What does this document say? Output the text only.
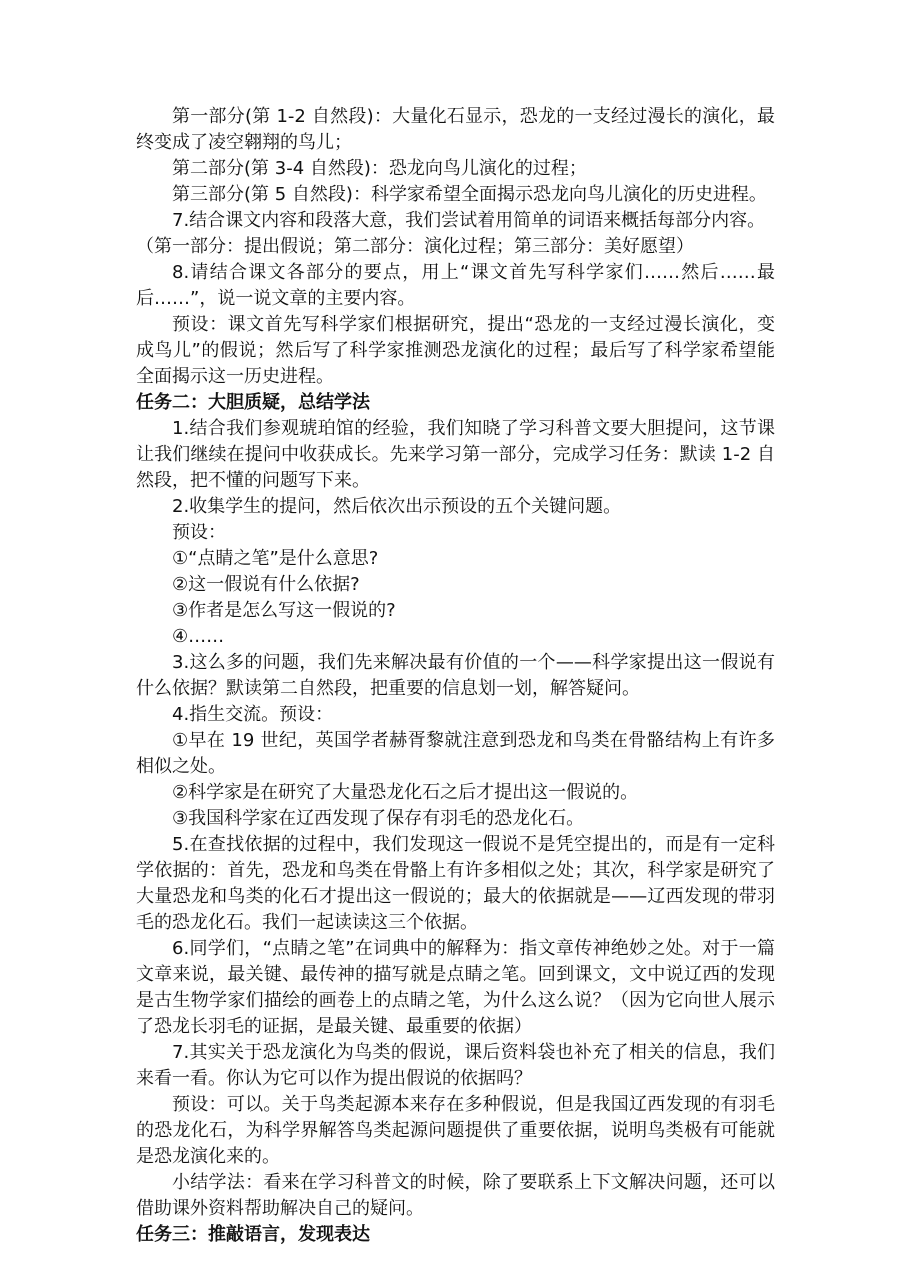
第一部分(第 1-2 自然段)：大量化石显示，恐龙的一支经过漫长的演化，最终变成了凌空翱翔的鸟儿；

第二部分(第 3-4 自然段)：恐龙向鸟儿演化的过程；

第三部分(第 5 自然段)：科学家希望全面揭示恐龙向鸟儿演化的历史进程。

7.结合课文内容和段落大意，我们尝试着用简单的词语来概括每部分内容。

（第一部分：提出假说；第二部分：演化过程；第三部分：美好愿望）

8.请结合课文各部分的要点，用上“课文首先写科学家们……然后……最后……”，说一说文章的主要内容。

预设：课文首先写科学家们根据研究，提出“恐龙的一支经过漫长演化，变成鸟儿”的假说；然后写了科学家推测恐龙演化的过程；最后写了科学家希望能全面揭示这一历史进程。

任务二：大胆质疑，总结学法

1.结合我们参观琥珀馆的经验，我们知晓了学习科普文要大胆提问，这节课让我们继续在提问中收获成长。先来学习第一部分，完成学习任务：默读 1-2 自然段，把不懂的问题写下来。

2.收集学生的提问，然后依次出示预设的五个关键问题。

预设：

①“点睛之笔”是什么意思?

②这一假说有什么依据?

③作者是怎么写这一假说的?

④……

3.这么多的问题，我们先来解决最有价值的一个——科学家提出这一假说有什么依据？默读第二自然段，把重要的信息划一划，解答疑问。

4.指生交流。预设：

①早在 19 世纪，英国学者赫胥黎就注意到恐龙和鸟类在骨骼结构上有许多相似之处。

②科学家是在研究了大量恐龙化石之后才提出这一假说的。

③我国科学家在辽西发现了保存有羽毛的恐龙化石。

5.在查找依据的过程中，我们发现这一假说不是凭空提出的，而是有一定科学依据的：首先，恐龙和鸟类在骨骼上有许多相似之处；其次，科学家是研究了大量恐龙和鸟类的化石才提出这一假说的；最大的依据就是——辽西发现的带羽毛的恐龙化石。我们一起读读这三个依据。

6.同学们，“点睛之笔”在词典中的解释为：指文章传神绝妙之处。对于一篇文章来说，最关键、最传神的描写就是点睛之笔。回到课文，文中说辽西的发现是古生物学家们描绘的画卷上的点睛之笔，为什么这么说？（因为它向世人展示了恐龙长羽毛的证据，是最关键、最重要的依据）

7.其实关于恐龙演化为鸟类的假说，课后资料袋也补充了相关的信息，我们来看一看。你认为它可以作为提出假说的依据吗？

预设：可以。关于鸟类起源本来存在多种假说，但是我国辽西发现的有羽毛的恐龙化石，为科学界解答鸟类起源问题提供了重要依据，说明鸟类极有可能就是恐龙演化来的。

小结学法：看来在学习科普文的时候，除了要联系上下文解决问题，还可以借助课外资料帮助解决自己的疑问。

任务三：推敲语言，发现表达
